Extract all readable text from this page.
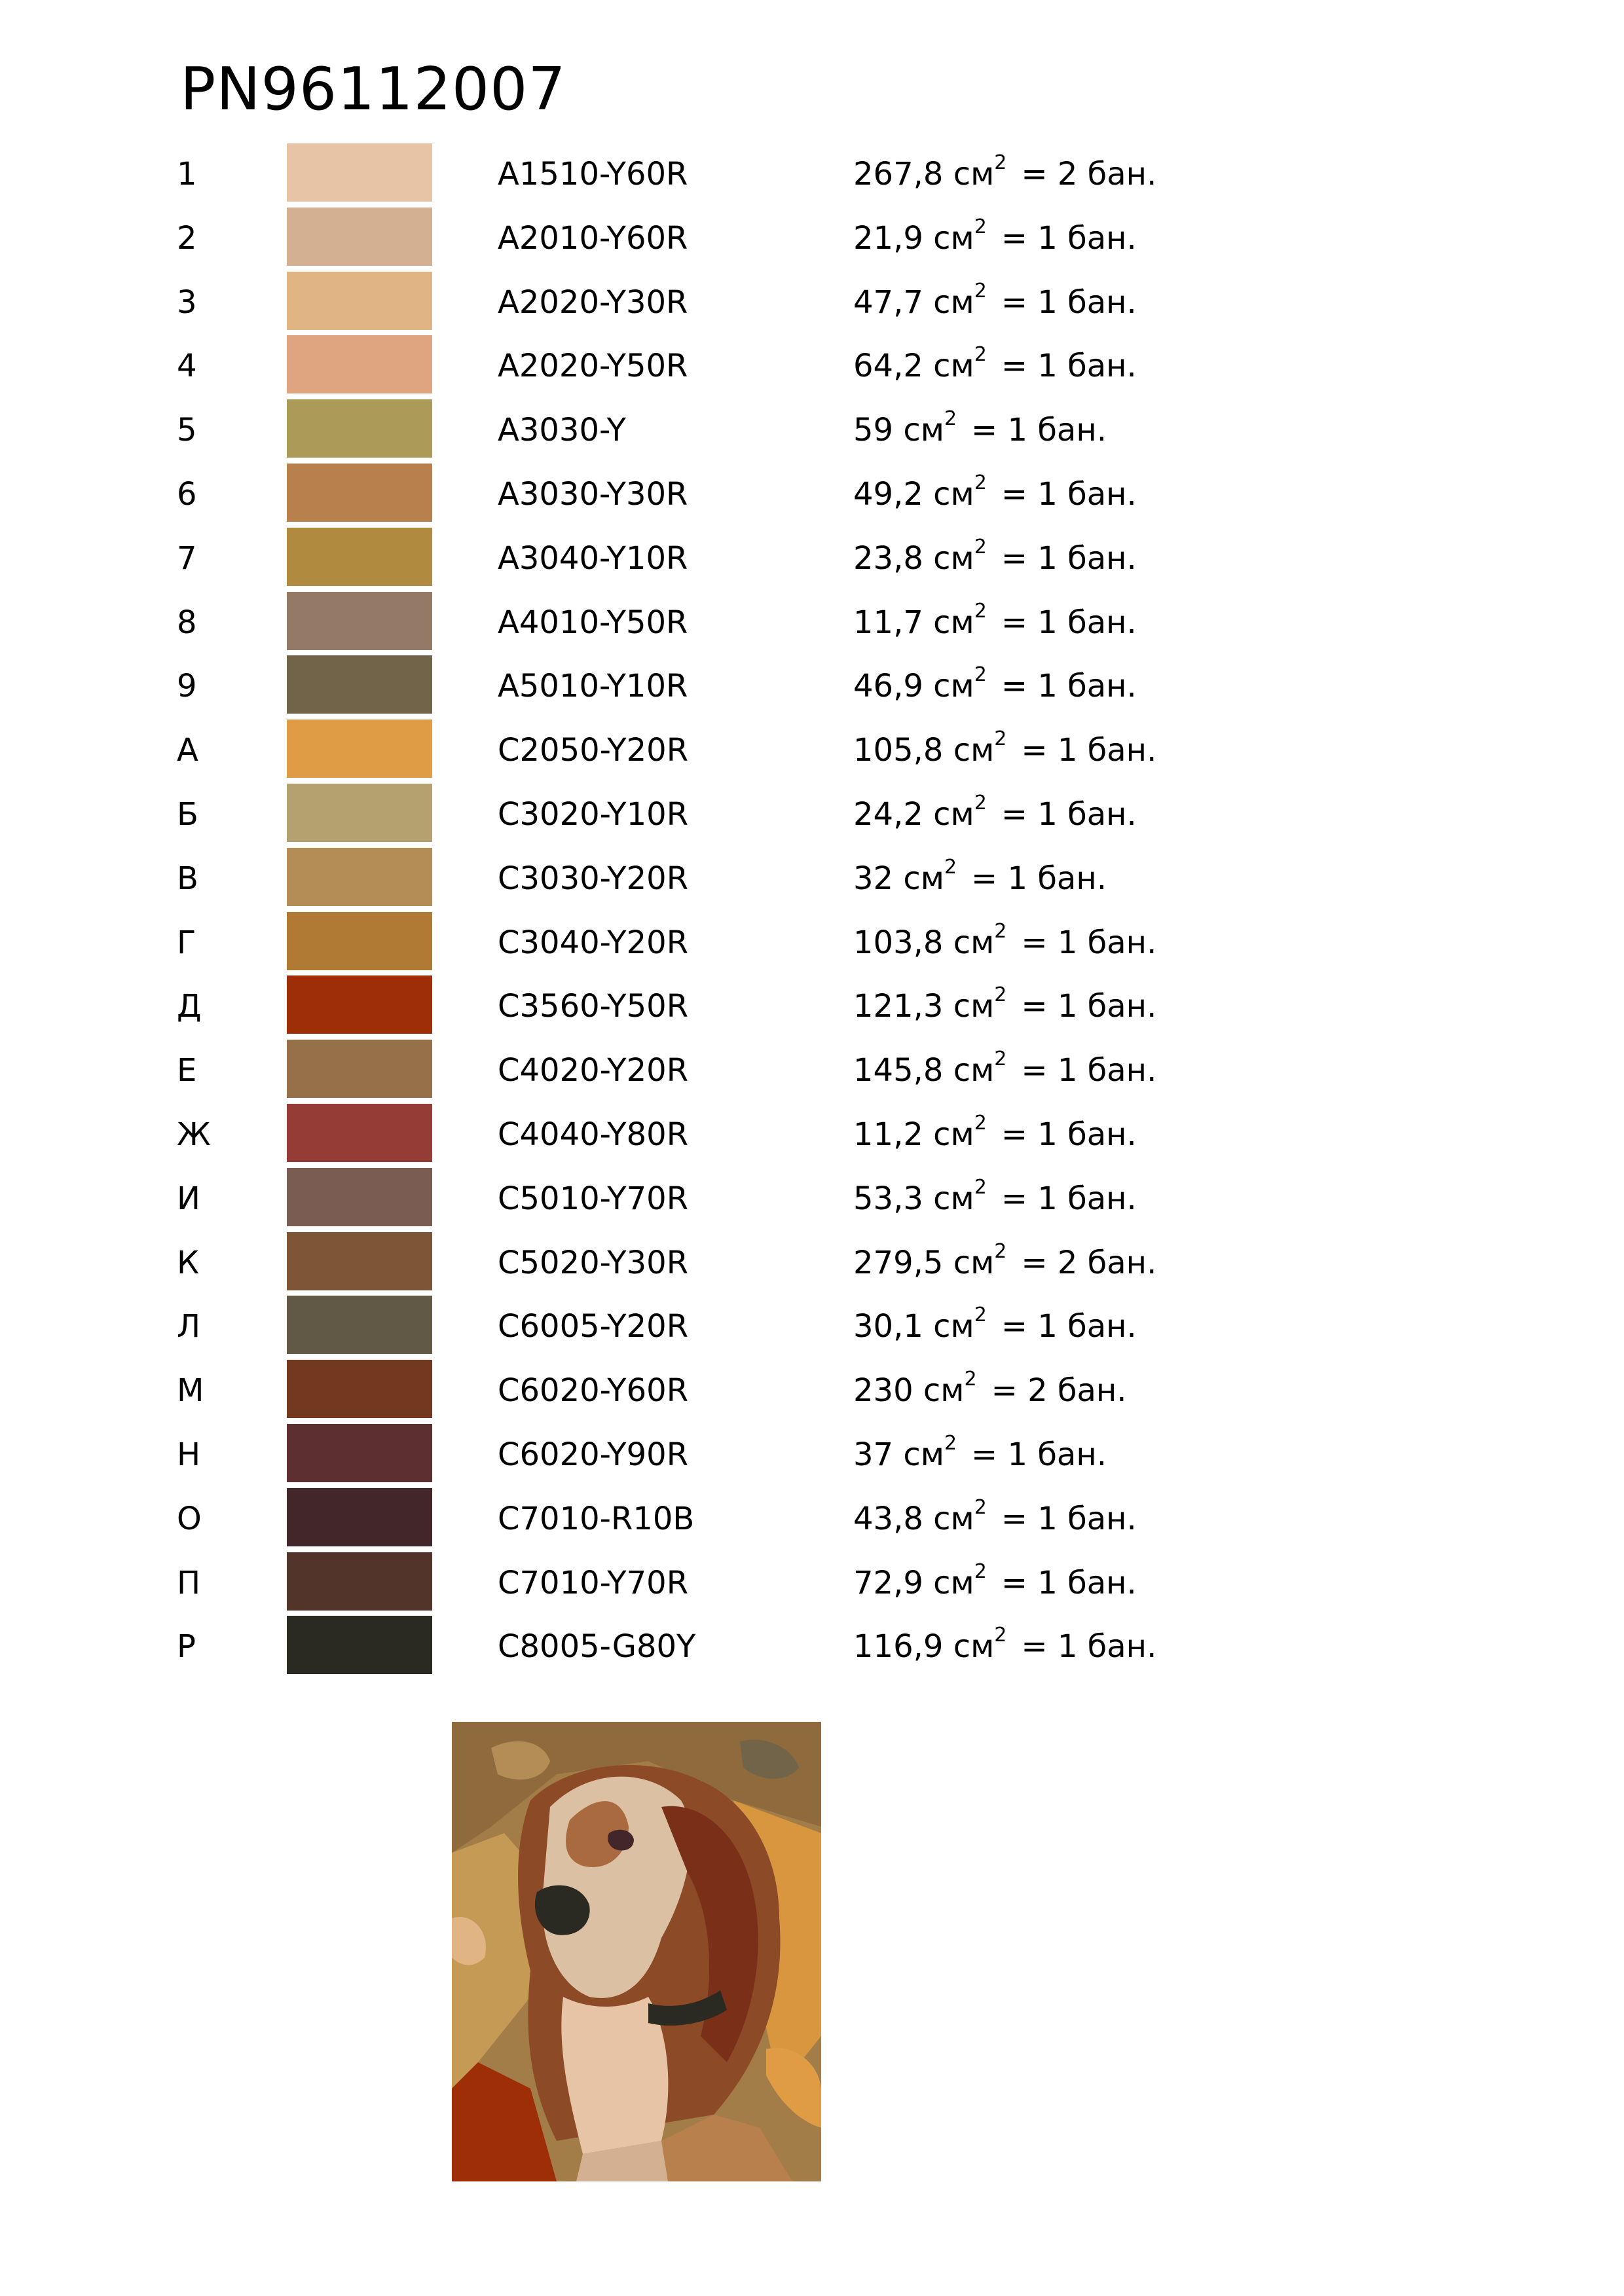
PN96112007
1	A1510-Y60R	267,8 $см^2 = 2$ бан.
2	A2010-Y60R	21,9 $см^2 = 1$ бан.
3	A2020-Y30R	47,7 $см^2 = 1$ бан.
4	A2020-Y50R	64,2 $см^2 = 1$ бан.
5	A3030-Y	59 $см^2 = 1$ бан.
6	A3030-Y30R	49,2 $см^2 = 1$ бан.
7	A3040-Y10R	23,8 $см^2 = 1$ бан.
8	A4010-Y50R	11,7 $см^2 = 1$ бан.
9	A5010-Y10R	46,9 $см^2 = 1$ бан.
А	C2050-Y20R	105,8 $см^2 = 1$ бан.
Б	C3020-Y10R	24,2 $см^2 = 1$ бан.
В	C3030-Y20R	32 $см^2 = 1$ бан.
Г	C3040-Y20R	103,8 $см^2 = 1$ бан.
Д	C3560-Y50R	121,3 $см^2 = 1$ бан.
Е	C4020-Y20R	145,8 $см^2 = 1$ бан.
Ж	C4040-Y80R	11,2 $см^2 = 1$ бан.
И	C5010-Y70R	53,3 $см^2 = 1$ бан.
К	C5020-Y30R	279,5 $см^2 = 2$ бан.
Л	C6005-Y20R	30,1 $см^2 = 1$ бан.
М	C6020-Y60R	230 $см^2 = 2$ бан.
Н	C6020-Y90R	37 $см^2 = 1$ бан.
О	C7010-R10B	43,8 $см^2 = 1$ бан.
П	C7010-Y70R	72,9 $см^2 = 1$ бан.
Р	C8005-G80Y	116,9 $см^2 = 1$ бан.
